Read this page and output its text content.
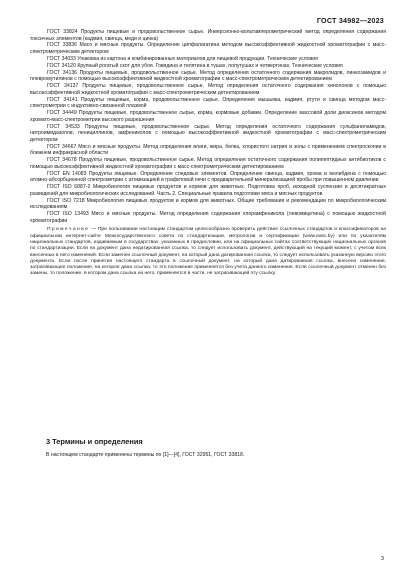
ГОСТ 34982—2023

ГОСТ 33824 Продукты пищевые и продовольственное сырье. Инверсионно-вольтамперометрический метод определения содержания токсичных элементов (кадмия, свинца, меди и цинка)

ГОСТ 33836 Масо и мясные продукты. Определение ципфалагатина методом высокоэффективной жидкостной хроматографии с масс-спектрометрическим детектором

ГОСТ 34033 Упаковка из картона и комбинированных материалов для пищевой продукции. Технические условия

ГОСТ 34120 Крупный рогатый скот для убоя. Говядина и телятина в тушах, полутушах и четвертинах. Технические условия

ГОСТ 34136 Продукты пищевые, продовольственное сырье. Метод определения остаточного содержания макролидов, линкозамидов и плевромутилинов с помощью высокоэффективной жидкостной хроматографии с масс-спектрометрическим детектированием

ГОСТ 34137 Продукты пищевые, продовольственное сырье. Метод определения остаточного содержания хинолонов с помощью высокоэффективной жидкостной хроматографии с масс-спектрометрическим детектированием

ГОСТ 34141 Продукты пищевые, корма, продовольственное сырье. Определение мышьяка, кадмия, ртути и свинца методом масс-спектрометрии с индуктивно-связанной плазмой

ГОСТ 34449 Продукты пищевые, продовольственное сырье, корма, кормовые добавки. Определение массовой доли диоксинов методом хромато-масс-спектрометрии высокого разрешения

ГОСТ 34533 Продукты пищевые, продовольственное сырье. Метод определения остаточного содержания сульфаниламидов, нитроимидазолов, пенициллинов, амфениколов с помощью высокоэффективной жидкостной хроматографии с масс-спектрометрическим детектором

ГОСТ 34667 Мясо и мясные продукты. Метод определения влаги, жира, белка, хлористого натрия и золы с применением спектроскопии в ближнем инфракрасной области

ГОСТ 34678 Продукты пищевые, продовольственное сырье. Метод определения остаточного содержания полипептидных антибиотиков с помощью высокоэффективной жидкостной хроматографии с масс-спектрометрическим детектированием

ГОСТ EN 14083 Продукты пищевые. Определение следовых элементов. Определение свинца, кадмия, хрома и молибдена с помощью атомно-абсорбционной спектрометрии с атомизацией в графитовой печи с предварительной минерализацией пробы при повышенном давлении

ГОСТ ISO 6887-2 Микробиология пищевых продуктов и кормов для животных. Подготовка проб, исходной суспензии и десятикратных разведений для микробиологических исследований. Часть 2. Специальные правила подготовки мяса и мясных продуктов

ГОСТ ISO 7218 Микробиология пищевых продуктов и кормов для животных. Общие требования и рекомендации по микробиологическим исследованиям

ГОСТ ISO 13493 Мясо и мясные продукты. Метод определения содержания хлорамфеникола (левомицетина) с помощью жидкостной хроматографии

Примечание — При пользовании настоящим стандартом целесообразно проверить действие ссылочных стандартов и классификаторов на официальном интернет-сайте Межгосударственного совета по стандартизации, метрологии и сертификации (www.easc.by) или по указателям национальных стандартов, издаваемым в государствах, указанных в предисловии, или на официальных сайтах соответствующих национальных органов по стандартизации. Если на документ дана недатированная ссылка, то следует использовать документ, действующий на текущий момент, с учетом всех внесенных в него изменений. Если заменен ссылочный документ, на который дана датированная ссылка, то следует использовать указанную версию этого документа. Если после принятия настоящего стандарта в ссылочный документ, на который дана датированная ссылка, внесено изменение, затрагивающее положение, на которое дана ссылка, то это положение применяется без учета данного изменения. Если ссылочный документ отменен без замены, то положение, в котором дана ссылка на него, применяется в части, не затрагивающей эту ссылку.

3 Термины и определения
В настоящем стандарте применены термины по [1]—[4], ГОСТ 32951, ГОСТ 33818.
3
